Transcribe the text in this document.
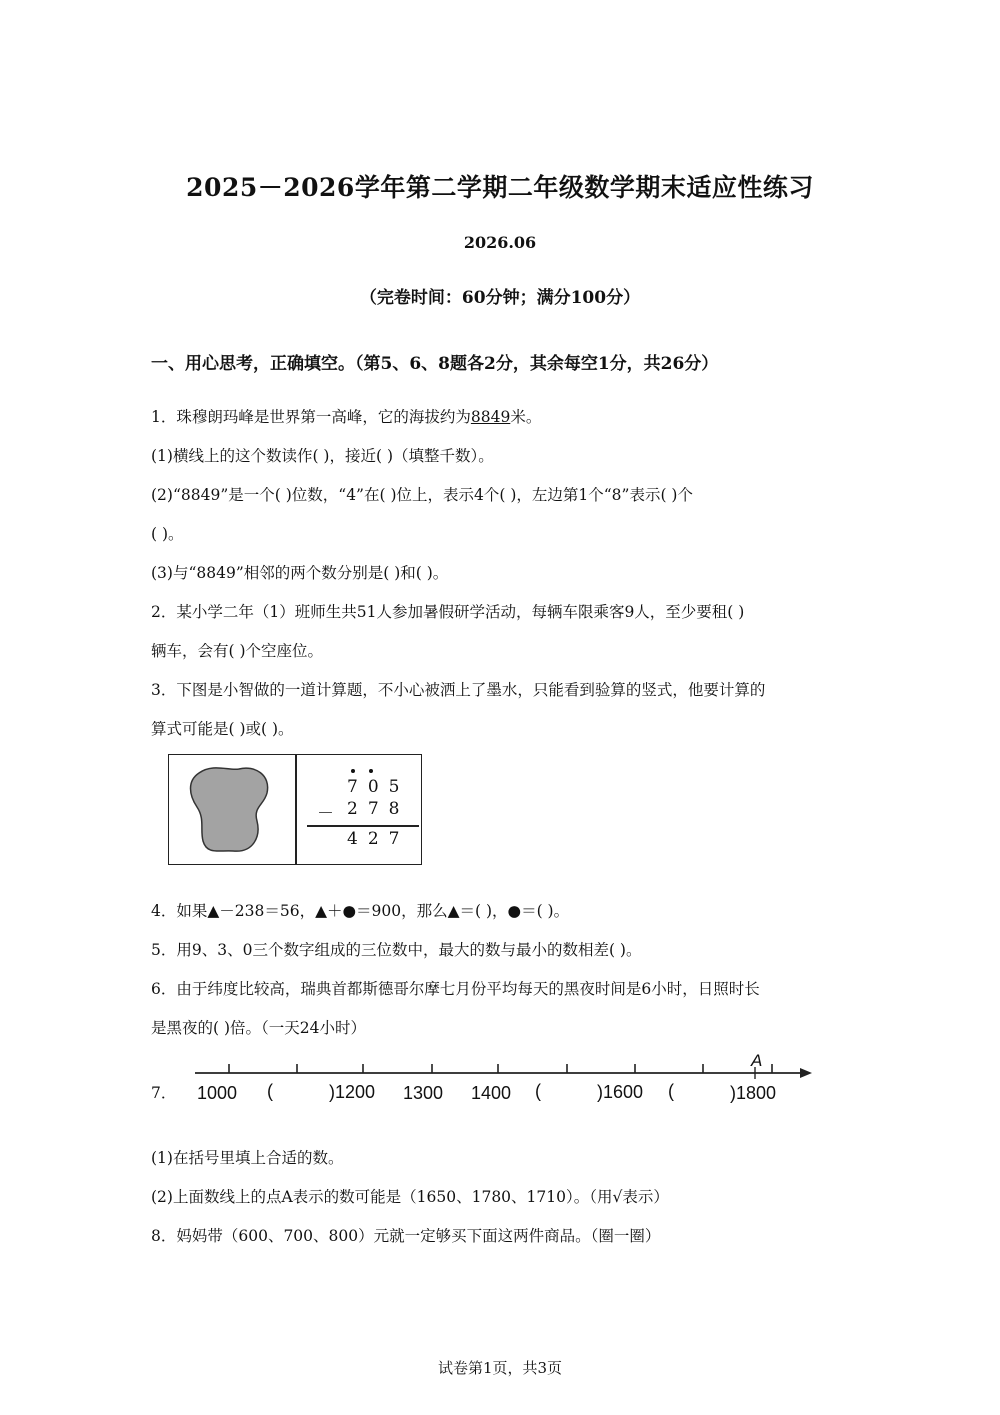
2025－2026学年第二学期二年级数学期末适应性练习
2026.06
（完卷时间：60分钟；满分100分）
一、用心思考，正确填空。（第5、6、8题各2分，其余每空1分，共26分）
1．珠穆朗玛峰是世界第一高峰，它的海拔约为8849米。
(1)横线上的这个数读作( )，接近( )（填整千数）。
(2)“8849”是一个( )位数，“4”在( )位上，表示4个( )，左边第1个“8”表示( )个
( )。
(3)与“8849”相邻的两个数分别是( )和( )。
2．某小学二年（1）班师生共51人参加暑假研学活动，每辆车限乘客9人，至少要租( )
辆车，会有( )个空座位。
3．下图是小智做的一道计算题，不小心被洒上了墨水，只能看到验算的竖式，他要计算的
算式可能是( )或( )。
705
－ 278
427
4．如果▲－238＝56，▲＋●＝900，那么▲＝( )，●＝( )。
5．用9、3、0三个数字组成的三位数中，最大的数与最小的数相差( )。
6．由于纬度比较高，瑞典首都斯德哥尔摩七月份平均每天的黑夜时间是6小时，日照时长
是黑夜的( )倍。（一天24小时）
7．
A
1000 (	)1200 1300 1400 (	)1600 (	)1800
(1)在括号里填上合适的数。
(2)上面数线上的点A表示的数可能是（1650、1780、1710）。（用√表示）
8．妈妈带（600、700、800）元就一定够买下面这两件商品。（圈一圈）
试卷第1页，共3页
